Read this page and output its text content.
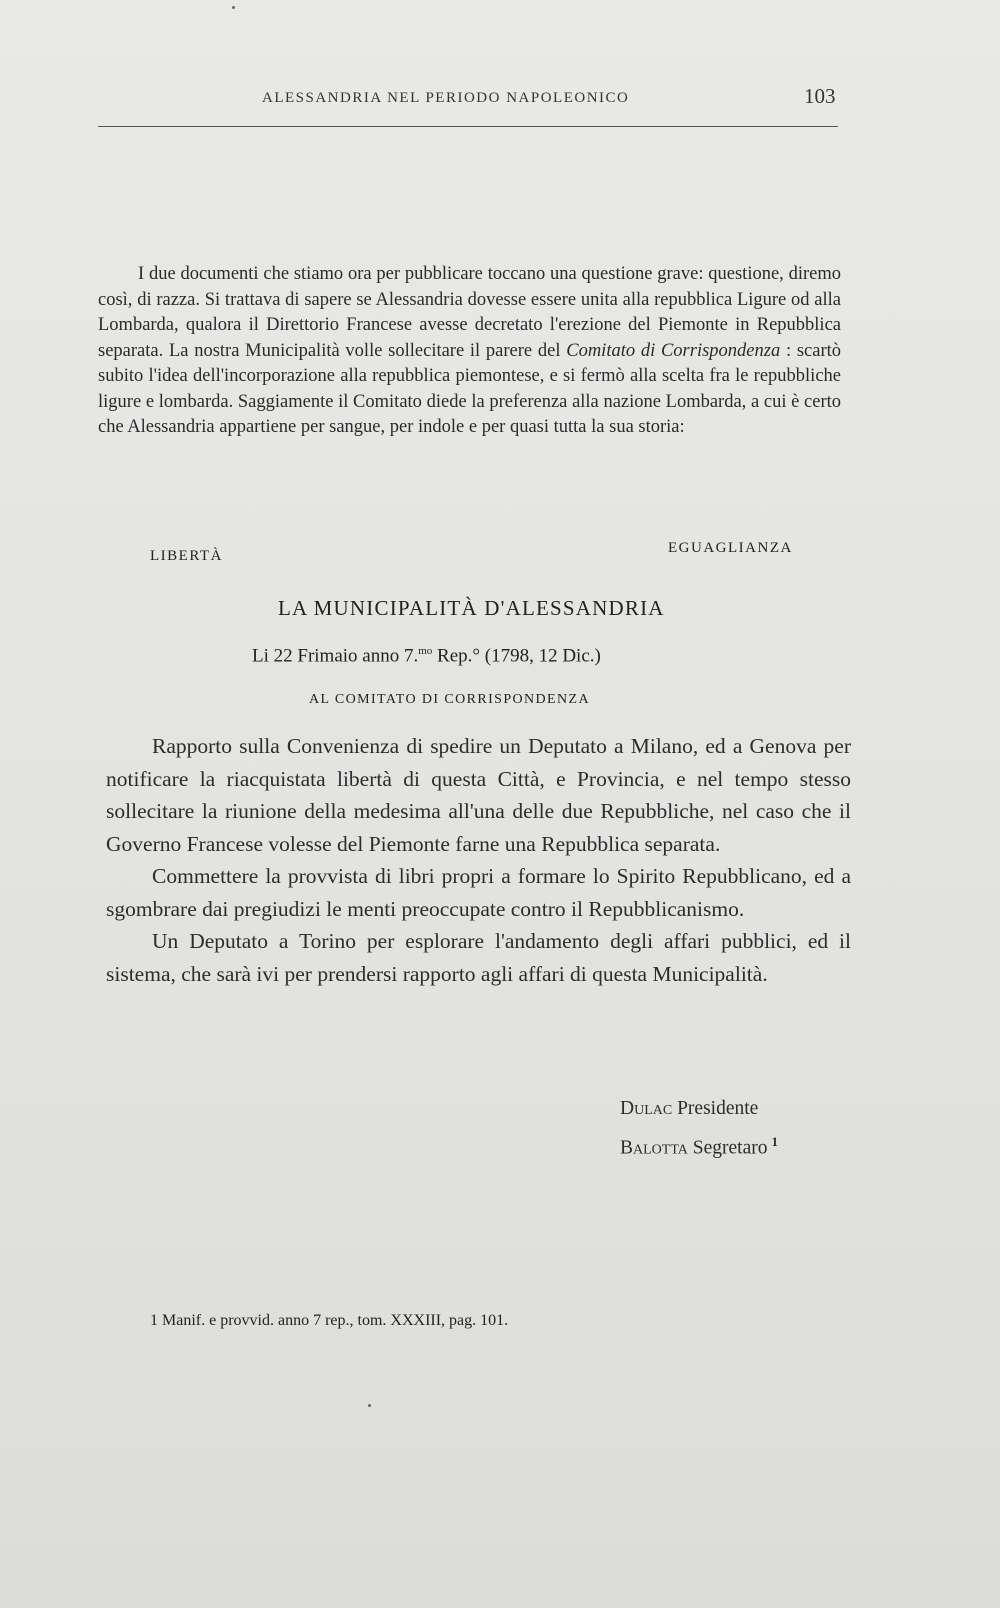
ALESSANDRIA NEL PERIODO NAPOLEONICO	103
I due documenti che stiamo ora per pubblicare toccano una questione grave: questione, diremo così, di razza. Si trattava di sapere se Alessandria dovesse essere unita alla repubblica Ligure od alla Lombarda, qualora il Direttorio Francese avesse decretato l'erezione del Piemonte in Repubblica separata. La nostra Municipalità volle sollecitare il parere del Comitato di Corrispondenza : scartò subito l'idea dell'incorporazione alla repubblica piemontese, e si fermò alla scelta fra le repubbliche ligure e lombarda. Saggiamente il Comitato diede la preferenza alla nazione Lombarda, a cui è certo che Alessandria appartiene per sangue, per indole e per quasi tutta la sua storia:
LIBERTÀ	EGUAGLIANZA
LA MUNICIPALITÀ D'ALESSANDRIA
Li 22 Frimaio anno 7.$^{mo}$ Rep.° (1798, 12 Dic.)
AL COMITATO DI CORRISPONDENZA

Rapporto sulla Convenienza di spedire un Deputato a Milano, ed a Genova per notificare la riacquistata libertà di questa Città, e Provincia, e nel tempo stesso sollecitare la riunione della medesima all'una delle due Repubbliche, nel caso che il Governo Francese volesse del Piemonte farne una Repubblica separata.

Commettere la provvista di libri propri a formare lo Spirito Repubblicano, ed a sgombrare dai pregiudizi le menti preoccupate contro il Repubblicanismo.

Un Deputato a Torino per esplorare l'andamento degli affari pubblici, ed il sistema, che sarà ivi per prendersi rapporto agli affari di questa Municipalità.

Dulac Presidente
Balotta Segretaro $^1$
1 Manif. e provvid. anno 7 rep., tom. XXXIII, pag. 101.
